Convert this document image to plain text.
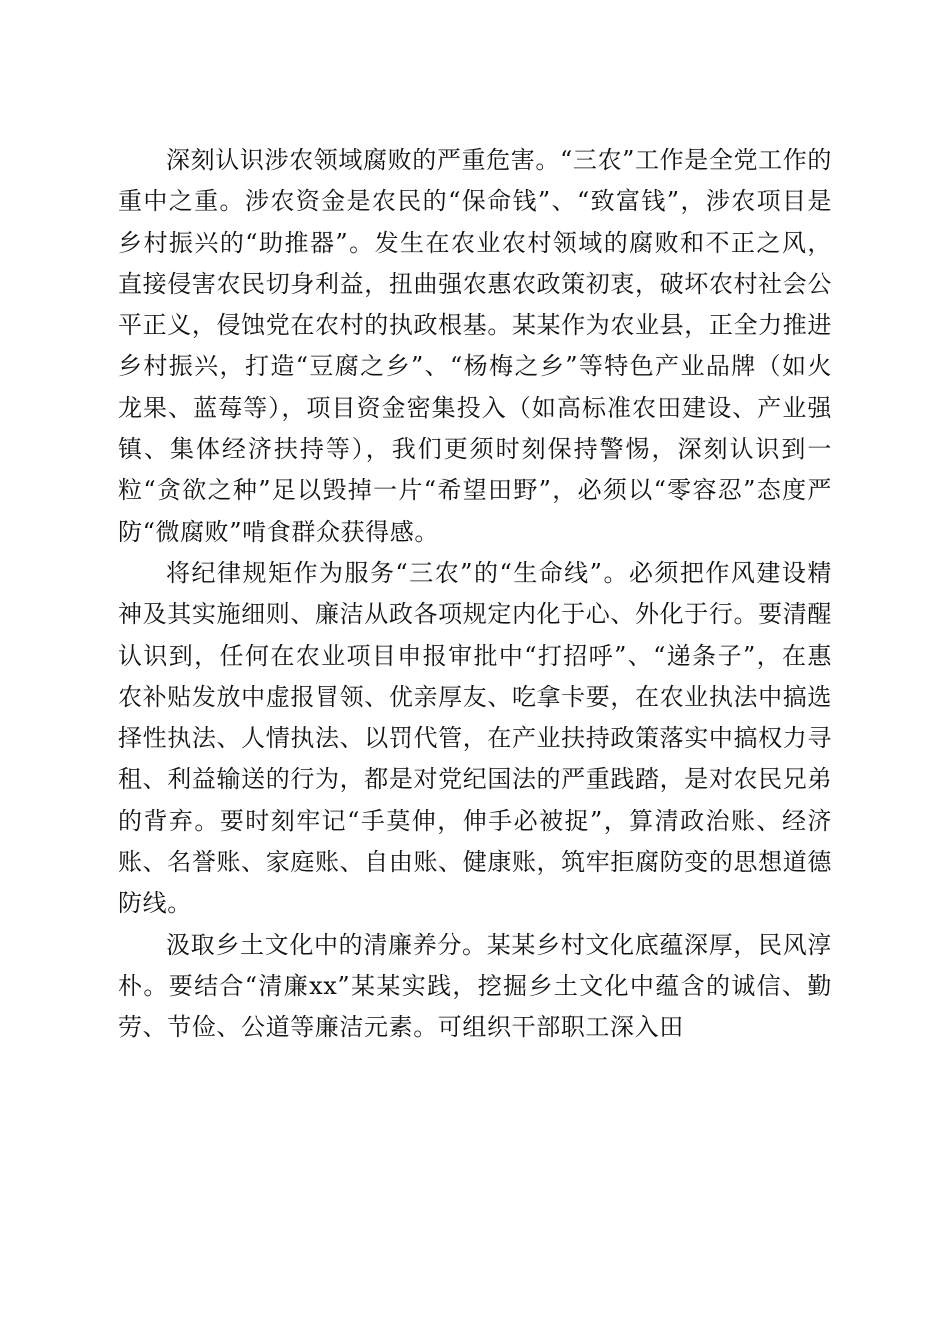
深刻认识涉农领域腐败的严重危害。“三农”工作是全党工作的重中之重。涉农资金是农民的“保命钱”、“致富钱”，涉农项目是乡村振兴的“助推器”。发生在农业农村领域的腐败和不正之风，直接侵害农民切身利益，扭曲强农惠农政策初衷，破坏农村社会公平正义，侵蚀党在农村的执政根基。某某作为农业县，正全力推进乡村振兴，打造“豆腐之乡”、“杨梅之乡”等特色产业品牌（如火龙果、蓝莓等），项目资金密集投入（如高标准农田建设、产业强镇、集体经济扶持等），我们更须时刻保持警惕，深刻认识到一粒“贪欲之种”足以毁掉一片“希望田野”，必须以“零容忍”态度严防“微腐败”啃食群众获得感。

将纪律规矩作为服务“三农”的“生命线”。必须把作风建设精神及其实施细则、廉洁从政各项规定内化于心、外化于行。要清醒认识到，任何在农业项目申报审批中“打招呼”、“递条子”，在惠农补贴发放中虚报冒领、优亲厚友、吃拿卡要，在农业执法中搞选择性执法、人情执法、以罚代管，在产业扶持政策落实中搞权力寻租、利益输送的行为，都是对党纪国法的严重践踏，是对农民兄弟的背弃。要时刻牢记“手莫伸，伸手必被捉”，算清政治账、经济账、名誉账、家庭账、自由账、健康账，筑牢拒腐防变的思想道德防线。

汲取乡土文化中的清廉养分。某某乡村文化底蕴深厚，民风淳朴。要结合“清廉xx”某某实践，挖掘乡土文化中蕴含的诚信、勤劳、节俭、公道等廉洁元素。可组织干部职工深入田
